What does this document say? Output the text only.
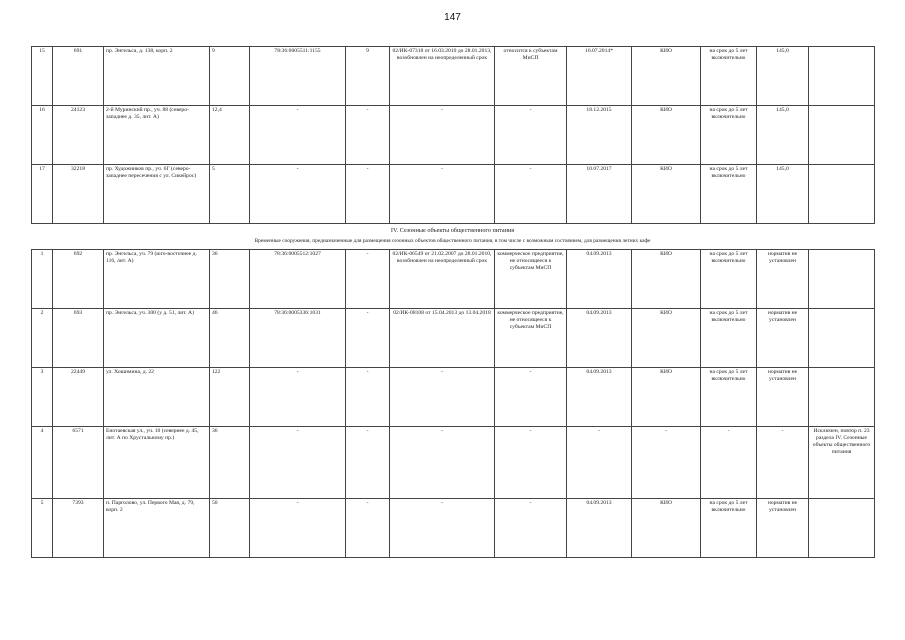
147
15	691	пр. Энгельса, д. 138, корп. 2	9	78:36:0005511:1155	9	02/ИК-07318 от 16.03.2010 до 28.01.2013, возобновлен на неопределенный срок	относится к субъектам МиСП	16.07.2014*	КИО	на срок до 5 лет включительно	145,0	
16	24123	2-й Муринский пр., уч. 88 (северо-западнее д. 35, лит. А)	12,4	-	-	-	-	18.12.2015	КИО	на срок до 5 лет включительно	145,0	
17	32218	пр. Художников пр., уч. 6Г (северо-западнее пересечения с ул. Сикейрос)	5	-	-	-	-	10.07.2017	КИО	на срок до 5 лет включительно	145,0	
IV. Сезонные объекты общественного питания
Временные сооружения, предназначенные для размещения сезонных объектов общественного питания, в том числе с возможным состоянием, для размещения летних кафе
1	692	пр. Энгельса, уч. 79 (юго-восточнее д. 116, лит. А)	36	78:36:0005512:1027	-	02/ИК-06549 от 21.02.2007 до 28.01.2010, возобновлен на неопределенный срок	коммерческое предприятие, не относящееся к субъектам МиСП	04.09.2013	КИО	на срок до 5 лет включительно	норматив не установлен	
2	693	пр. Энгельса, уч. 300 (у д. 51, лит. А)	46	78:36:0005336:1031	-	02/ИК-08108 от 15.04.2013 до 13.04.2018	коммерческое предприятие, не относящееся к субъектам МиСП	04.09.2013	КИО	на срок до 5 лет включительно	норматив не установлен	
3	22449	ул. Хошимина, д. 22	122	-	-	-	-	04.09.2013	КИО	на срок до 5 лет включительно	норматив не установлен	
4	6571	Енотаевская ул., уч. 10 (севернее д. 45, лит. А по Хрустальному пр.)	36	-	-	-	-	-	-	-	-	Исключен, повтор п. 23 раздела IV. Сезонные объекты общественного питания
5	7393	п. Парголово, ул. Первого Мая, д. 79, корп. 2	50	-	-	-	-	04.09.2013	КИО	на срок до 5 лет включительно	норматив не установлен	
